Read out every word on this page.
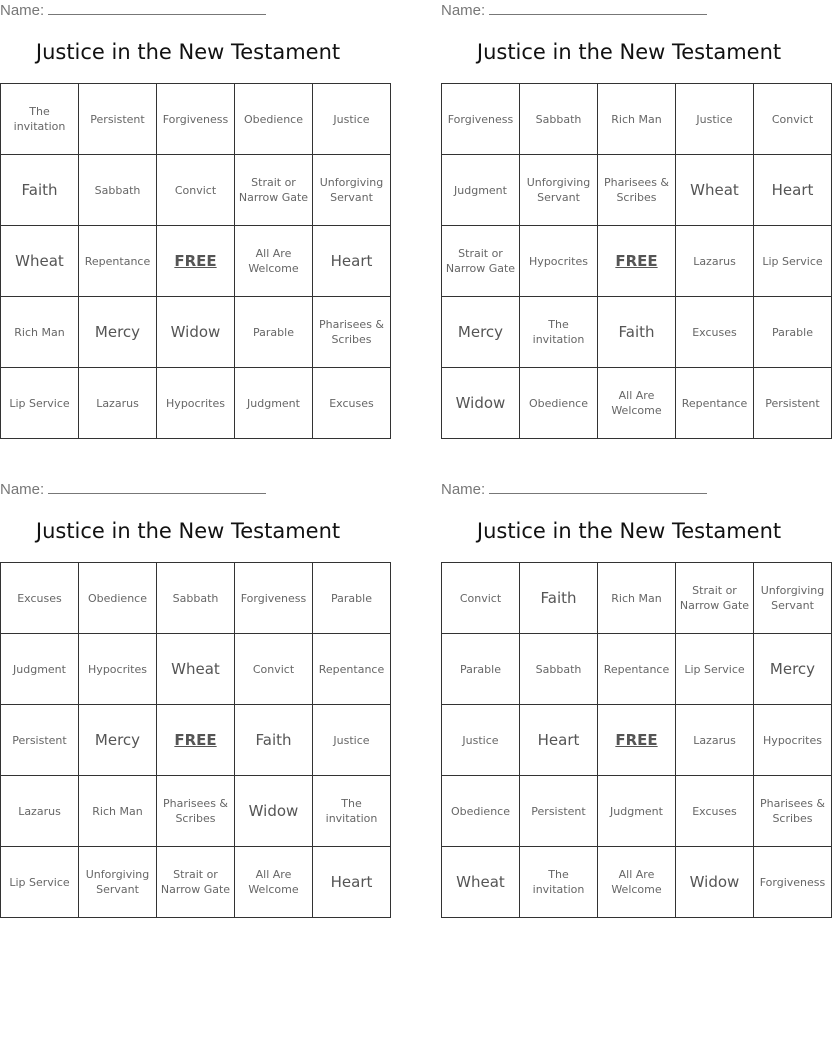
Name:
Justice in the New Testament
The invitation	Persistent	Forgiveness	Obedience	Justice
Faith	Sabbath	Convict	Strait or Narrow Gate	Unforgiving Servant
Wheat	Repentance	FREE	All Are Welcome	Heart
Rich Man	Mercy	Widow	Parable	Pharisees & Scribes
Lip Service	Lazarus	Hypocrites	Judgment	Excuses
Name:
Justice in the New Testament
Forgiveness	Sabbath	Rich Man	Justice	Convict
Judgment	Unforgiving Servant	Pharisees & Scribes	Wheat	Heart
Strait or Narrow Gate	Hypocrites	FREE	Lazarus	Lip Service
Mercy	The invitation	Faith	Excuses	Parable
Widow	Obedience	All Are Welcome	Repentance	Persistent
Name:
Justice in the New Testament
Excuses	Obedience	Sabbath	Forgiveness	Parable
Judgment	Hypocrites	Wheat	Convict	Repentance
Persistent	Mercy	FREE	Faith	Justice
Lazarus	Rich Man	Pharisees & Scribes	Widow	The invitation
Lip Service	Unforgiving Servant	Strait or Narrow Gate	All Are Welcome	Heart
Name:
Justice in the New Testament
Convict	Faith	Rich Man	Strait or Narrow Gate	Unforgiving Servant
Parable	Sabbath	Repentance	Lip Service	Mercy
Justice	Heart	FREE	Lazarus	Hypocrites
Obedience	Persistent	Judgment	Excuses	Pharisees & Scribes
Wheat	The invitation	All Are Welcome	Widow	Forgiveness
